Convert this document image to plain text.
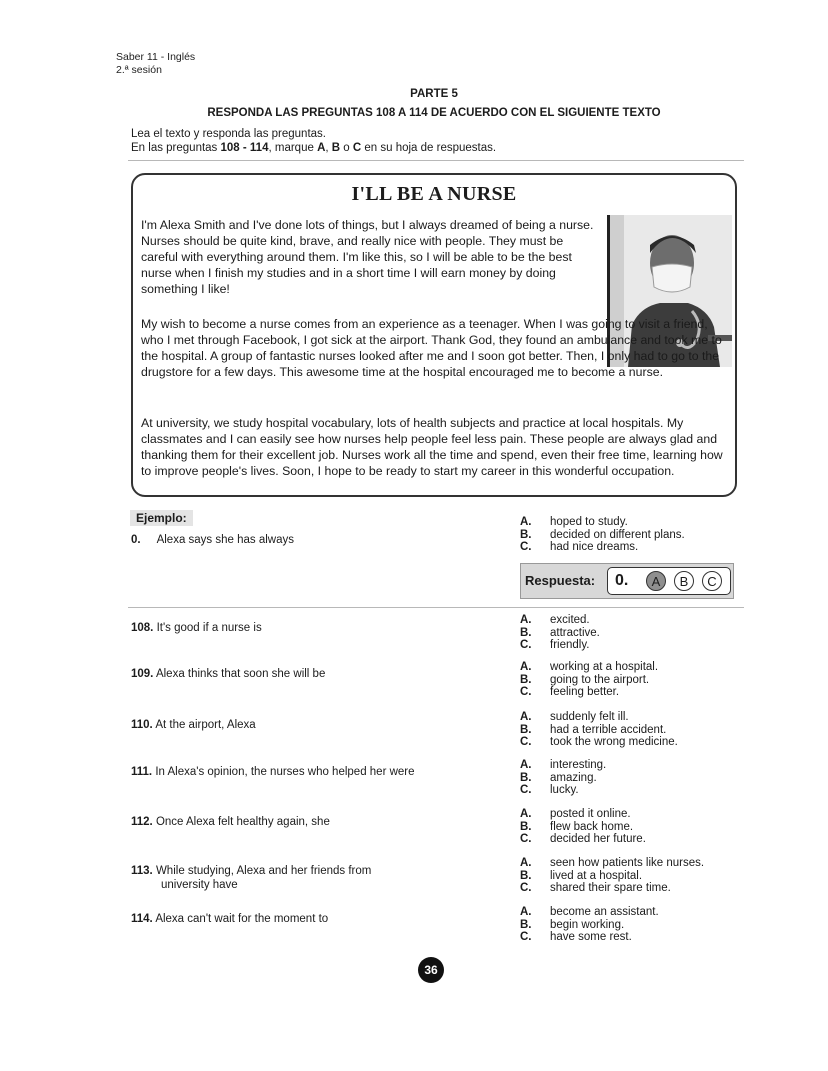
Saber 11 - Inglés
2.ª sesión
PARTE 5
RESPONDA LAS PREGUNTAS 108 A 114 DE ACUERDO CON EL SIGUIENTE TEXTO
Lea el texto y responda las preguntas.
En las preguntas 108 - 114, marque A, B o C en su hoja de respuestas.
I'LL BE A NURSE

I'm Alexa Smith and I've done lots of things, but I always dreamed of being a nurse. Nurses should be quite kind, brave, and really nice with people. They must be careful with everything around them. I'm like this, so I will be able to be the best nurse when I finish my studies and in a short time I will earn money by doing something I like!

My wish to become a nurse comes from an experience as a teenager. When I was going to visit a friend, who I met through Facebook, I got sick at the airport. Thank God, they found an ambulance and took me to the hospital. A group of fantastic nurses looked after me and I soon got better. Then, I only had to go to the drugstore for a few days. This awesome time at the hospital encouraged me to become a nurse.

At university, we study hospital vocabulary, lots of health subjects and practice at local hospitals. My classmates and I can easily see how nurses help people feel less pain. These people are always glad and thanking them for their excellent job. Nurses work all the time and spend, even their free time, learning how to improve people's lives. Soon, I hope to be ready to start my career in this wonderful occupation.

Ejemplo:
0. Alexa says she has always
A.	hoped to study.
B.	decided on different plans.
C.	had nice dreams.
Respuesta: 0.	A	B	C
108. It's good if a nurse is
A.	excited.
B.	attractive.
C.	friendly.
109. Alexa thinks that soon she will be
A.	working at a hospital.
B.	going to the airport.
C.	feeling better.
110. At the airport, Alexa
A.	suddenly felt ill.
B.	had a terrible accident.
C.	took the wrong medicine.
111. In Alexa's opinion, the nurses who helped her were
A.	interesting.
B.	amazing.
C.	lucky.
112. Once Alexa felt healthy again, she
A.	posted it online.
B.	flew back home.
C.	decided her future.
113. While studying, Alexa and her friends from
university have
A.	seen how patients like nurses.
B.	lived at a hospital.
C.	shared their spare time.
114. Alexa can't wait for the moment to
A.	become an assistant.
B.	begin working.
C.	have some rest.
36
